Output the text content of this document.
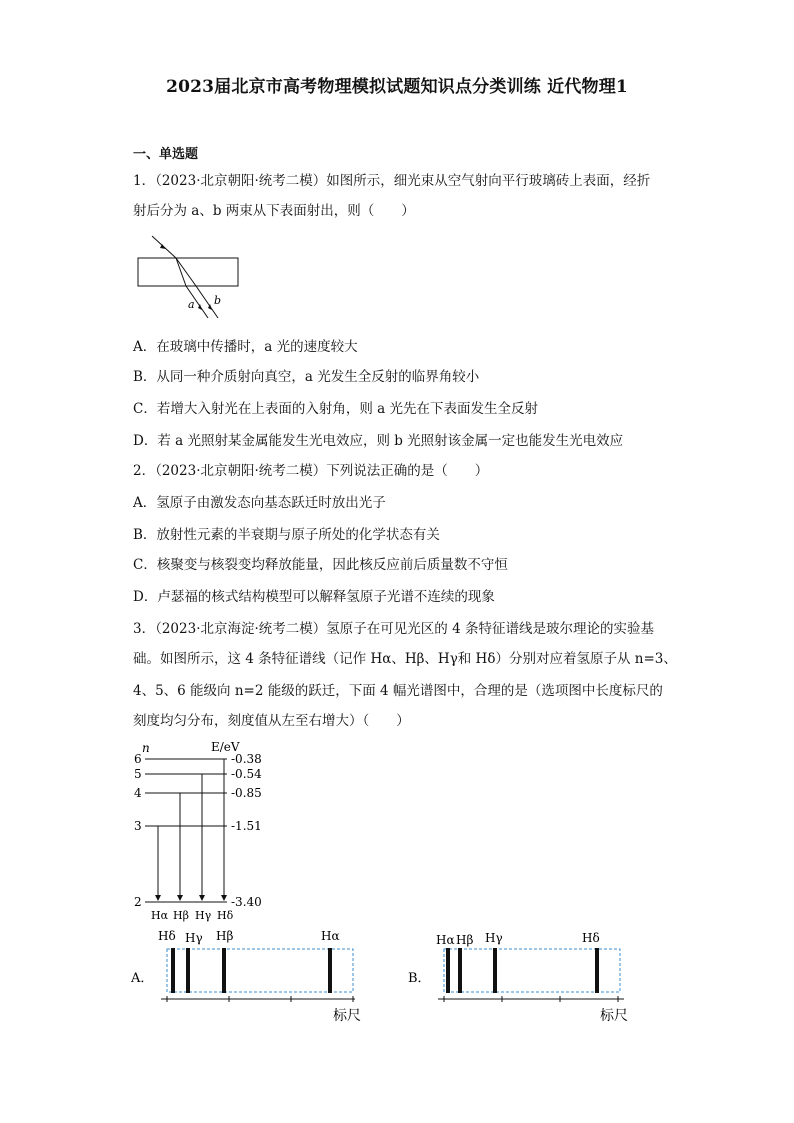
2023届北京市高考物理模拟试题知识点分类训练 近代物理1
一、单选题
1．（2023·北京朝阳·统考二模）如图所示，细光束从空气射向平行玻璃砖上表面，经折
射后分为 a、b 两束从下表面射出，则（　　）
a b
A．在玻璃中传播时，a 光的速度较大
B．从同一种介质射向真空，a 光发生全反射的临界角较小
C．若增大入射光在上表面的入射角，则 a 光先在下表面发生全反射
D．若 a 光照射某金属能发生光电效应，则 b 光照射该金属一定也能发生光电效应
2．（2023·北京朝阳·统考二模）下列说法正确的是（　　）
A．氢原子由激发态向基态跃迁时放出光子
B．放射性元素的半衰期与原子所处的化学状态有关
C．核聚变与核裂变均释放能量，因此核反应前后质量数不守恒
D．卢瑟福的核式结构模型可以解释氢原子光谱不连续的现象
3．（2023·北京海淀·统考二模）氢原子在可见光区的 4 条特征谱线是玻尔理论的实验基
础。如图所示，这 4 条特征谱线（记作 Hα、Hβ、Hγ和 Hδ）分别对应着氢原子从 n=3、
4、5、6 能级向 n=2 能级的跃迁，下面 4 幅光谱图中，合理的是（选项图中长度标尺的
刻度均匀分布，刻度值从左至右增大）（　　）
n	E/eV
6	-0.38
5	-0.54
4	-0.85
3	-1.51
2	-3.40
Hα Hβ Hγ Hδ
A．
Hδ Hγ Hβ	Hα
标尺
B．
Hα Hβ Hγ	Hδ
标尺
